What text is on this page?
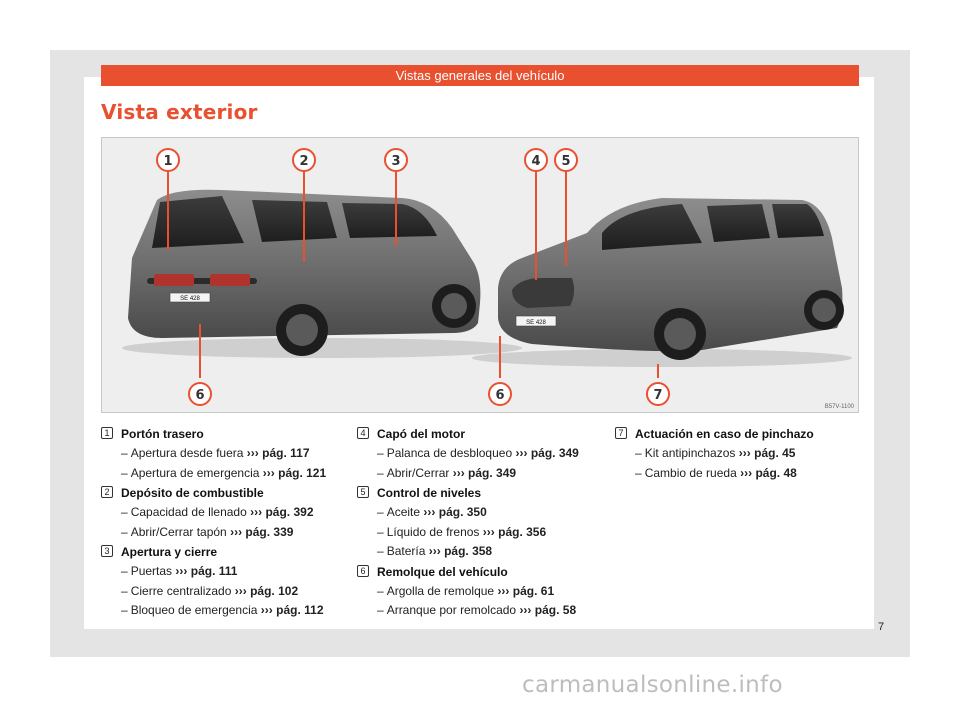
Vistas generales del vehículo
Vista exterior
SE 428
SE 428
1	2	3	4 5
6	6	7
B57V-1100
1 Portón trasero
– Apertura desde fuera ››› pág. 117
– Apertura de emergencia ››› pág. 121
2 Depósito de combustible
– Capacidad de llenado ››› pág. 392
– Abrir/Cerrar tapón ››› pág. 339
3 Apertura y cierre
– Puertas ››› pág. 111
– Cierre centralizado ››› pág. 102
– Bloqueo de emergencia ››› pág. 112
4 Capó del motor
– Palanca de desbloqueo ››› pág. 349
– Abrir/Cerrar ››› pág. 349
5 Control de niveles
– Aceite ››› pág. 350
– Líquido de frenos ››› pág. 356
– Batería ››› pág. 358
6 Remolque del vehículo
– Argolla de remolque ››› pág. 61
– Arranque por remolcado ››› pág. 58
7 Actuación en caso de pinchazo
– Kit antipinchazos ››› pág. 45
– Cambio de rueda ››› pág. 48
7
carmanualsonline.info
